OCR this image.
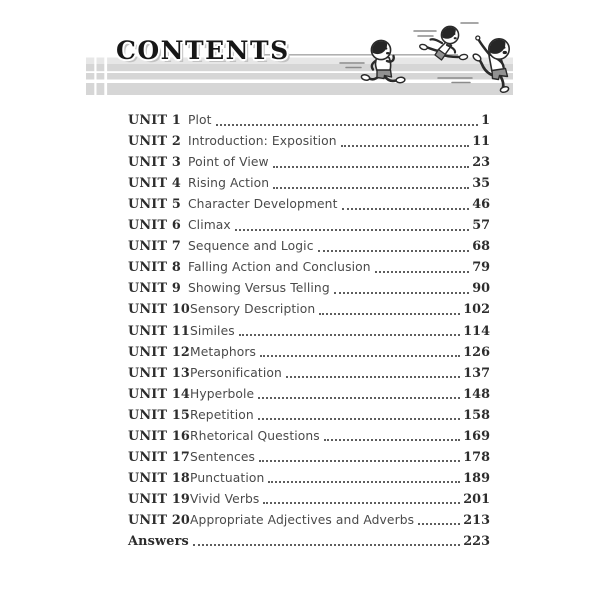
CONTENTS
UNIT 1 Plot	1
UNIT 2 Introduction: Exposition	11
UNIT 3 Point of View	23
UNIT 4 Rising Action	35
UNIT 5 Character Development	46
UNIT 6 Climax	57
UNIT 7 Sequence and Logic	68
UNIT 8 Falling Action and Conclusion	79
UNIT 9 Showing Versus Telling	90
UNIT 10 Sensory Description	102
UNIT 11 Similes	114
UNIT 12 Metaphors	126
UNIT 13 Personification	137
UNIT 14 Hyperbole	148
UNIT 15 Repetition	158
UNIT 16 Rhetorical Questions	169
UNIT 17 Sentences	178
UNIT 18 Punctuation	189
UNIT 19 Vivid Verbs	201
UNIT 20 Appropriate Adjectives and Adverbs	213
Answers	223
